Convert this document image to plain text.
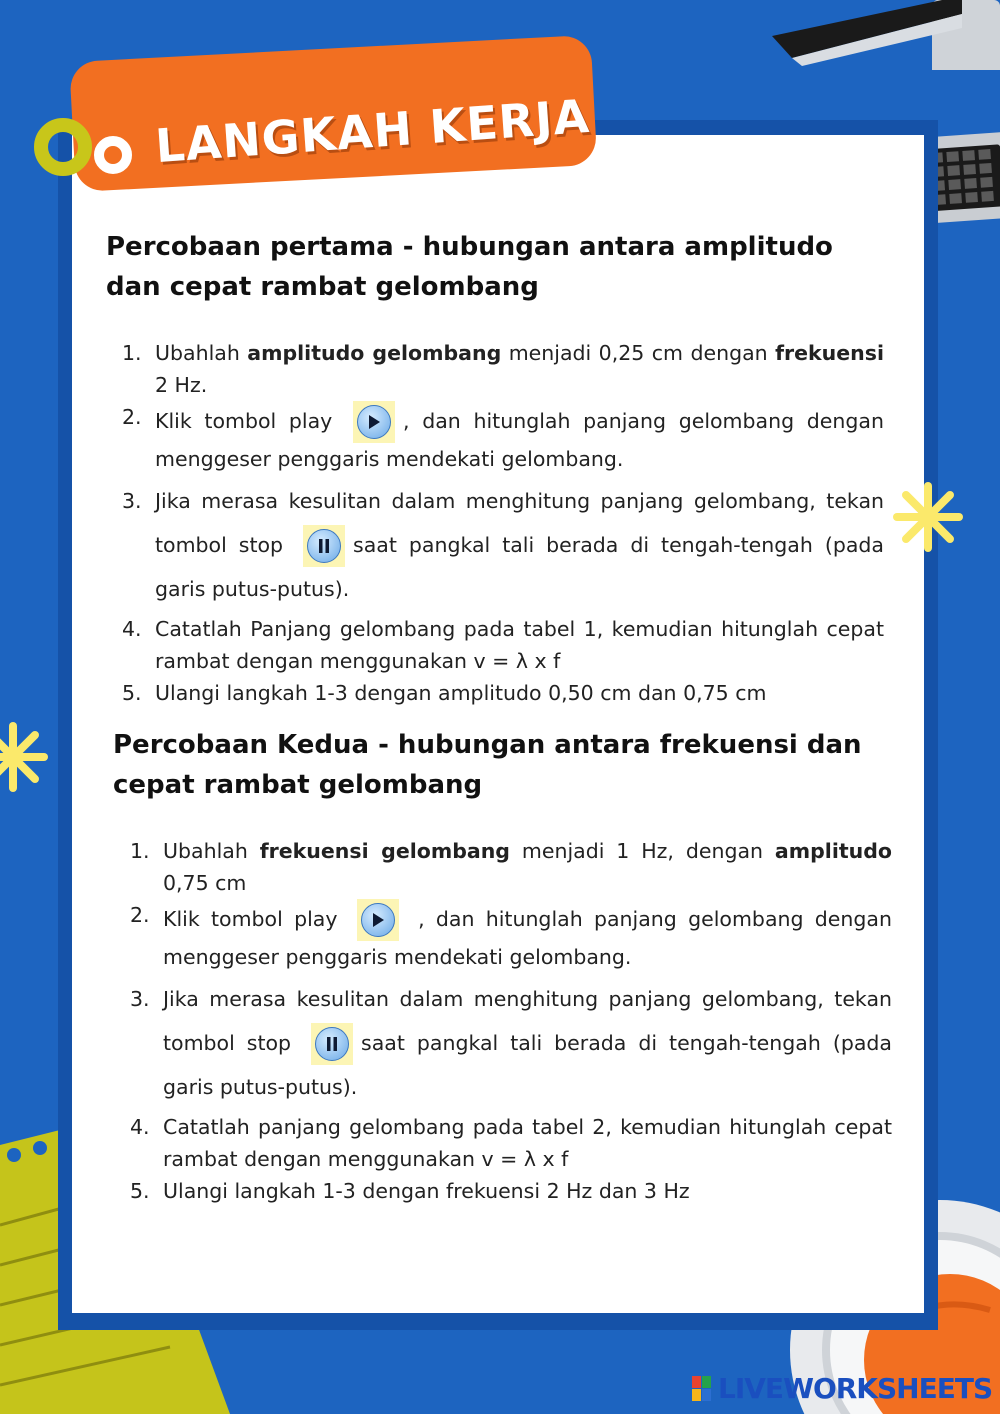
LANGKAH KERJA
Percobaan pertama - hubungan antara amplitudo
dan cepat rambat gelombang
1. Ubahlah amplitudo gelombang menjadi 0,25 cm dengan frekuensi 2 Hz.
2. Klik tombol play	, dan hitunglah panjang gelombang dengan menggeser penggaris mendekati gelombang.
3. Jika merasa kesulitan dalam menghitung panjang gelombang, tekan tombol stop	saat pangkal tali berada di tengah-tengah (pada garis putus-putus).
4. Catatlah Panjang gelombang pada tabel 1, kemudian hitunglah cepat rambat dengan menggunakan v = λ x f
5. Ulangi langkah 1-3 dengan amplitudo 0,50 cm dan 0,75 cm
Percobaan Kedua - hubungan antara frekuensi dan
cepat rambat gelombang
1. Ubahlah frekuensi gelombang menjadi 1 Hz, dengan amplitudo 0,75 cm
2. Klik tombol play	, dan hitunglah panjang gelombang dengan menggeser penggaris mendekati gelombang.
3. Jika merasa kesulitan dalam menghitung panjang gelombang, tekan tombol stop	saat pangkal tali berada di tengah-tengah (pada garis putus-putus).
4. Catatlah panjang gelombang pada tabel 2, kemudian hitunglah cepat rambat dengan menggunakan v = λ x f
5. Ulangi langkah 1-3 dengan frekuensi 2 Hz dan 3 Hz
LIVEWORKSHEETS
